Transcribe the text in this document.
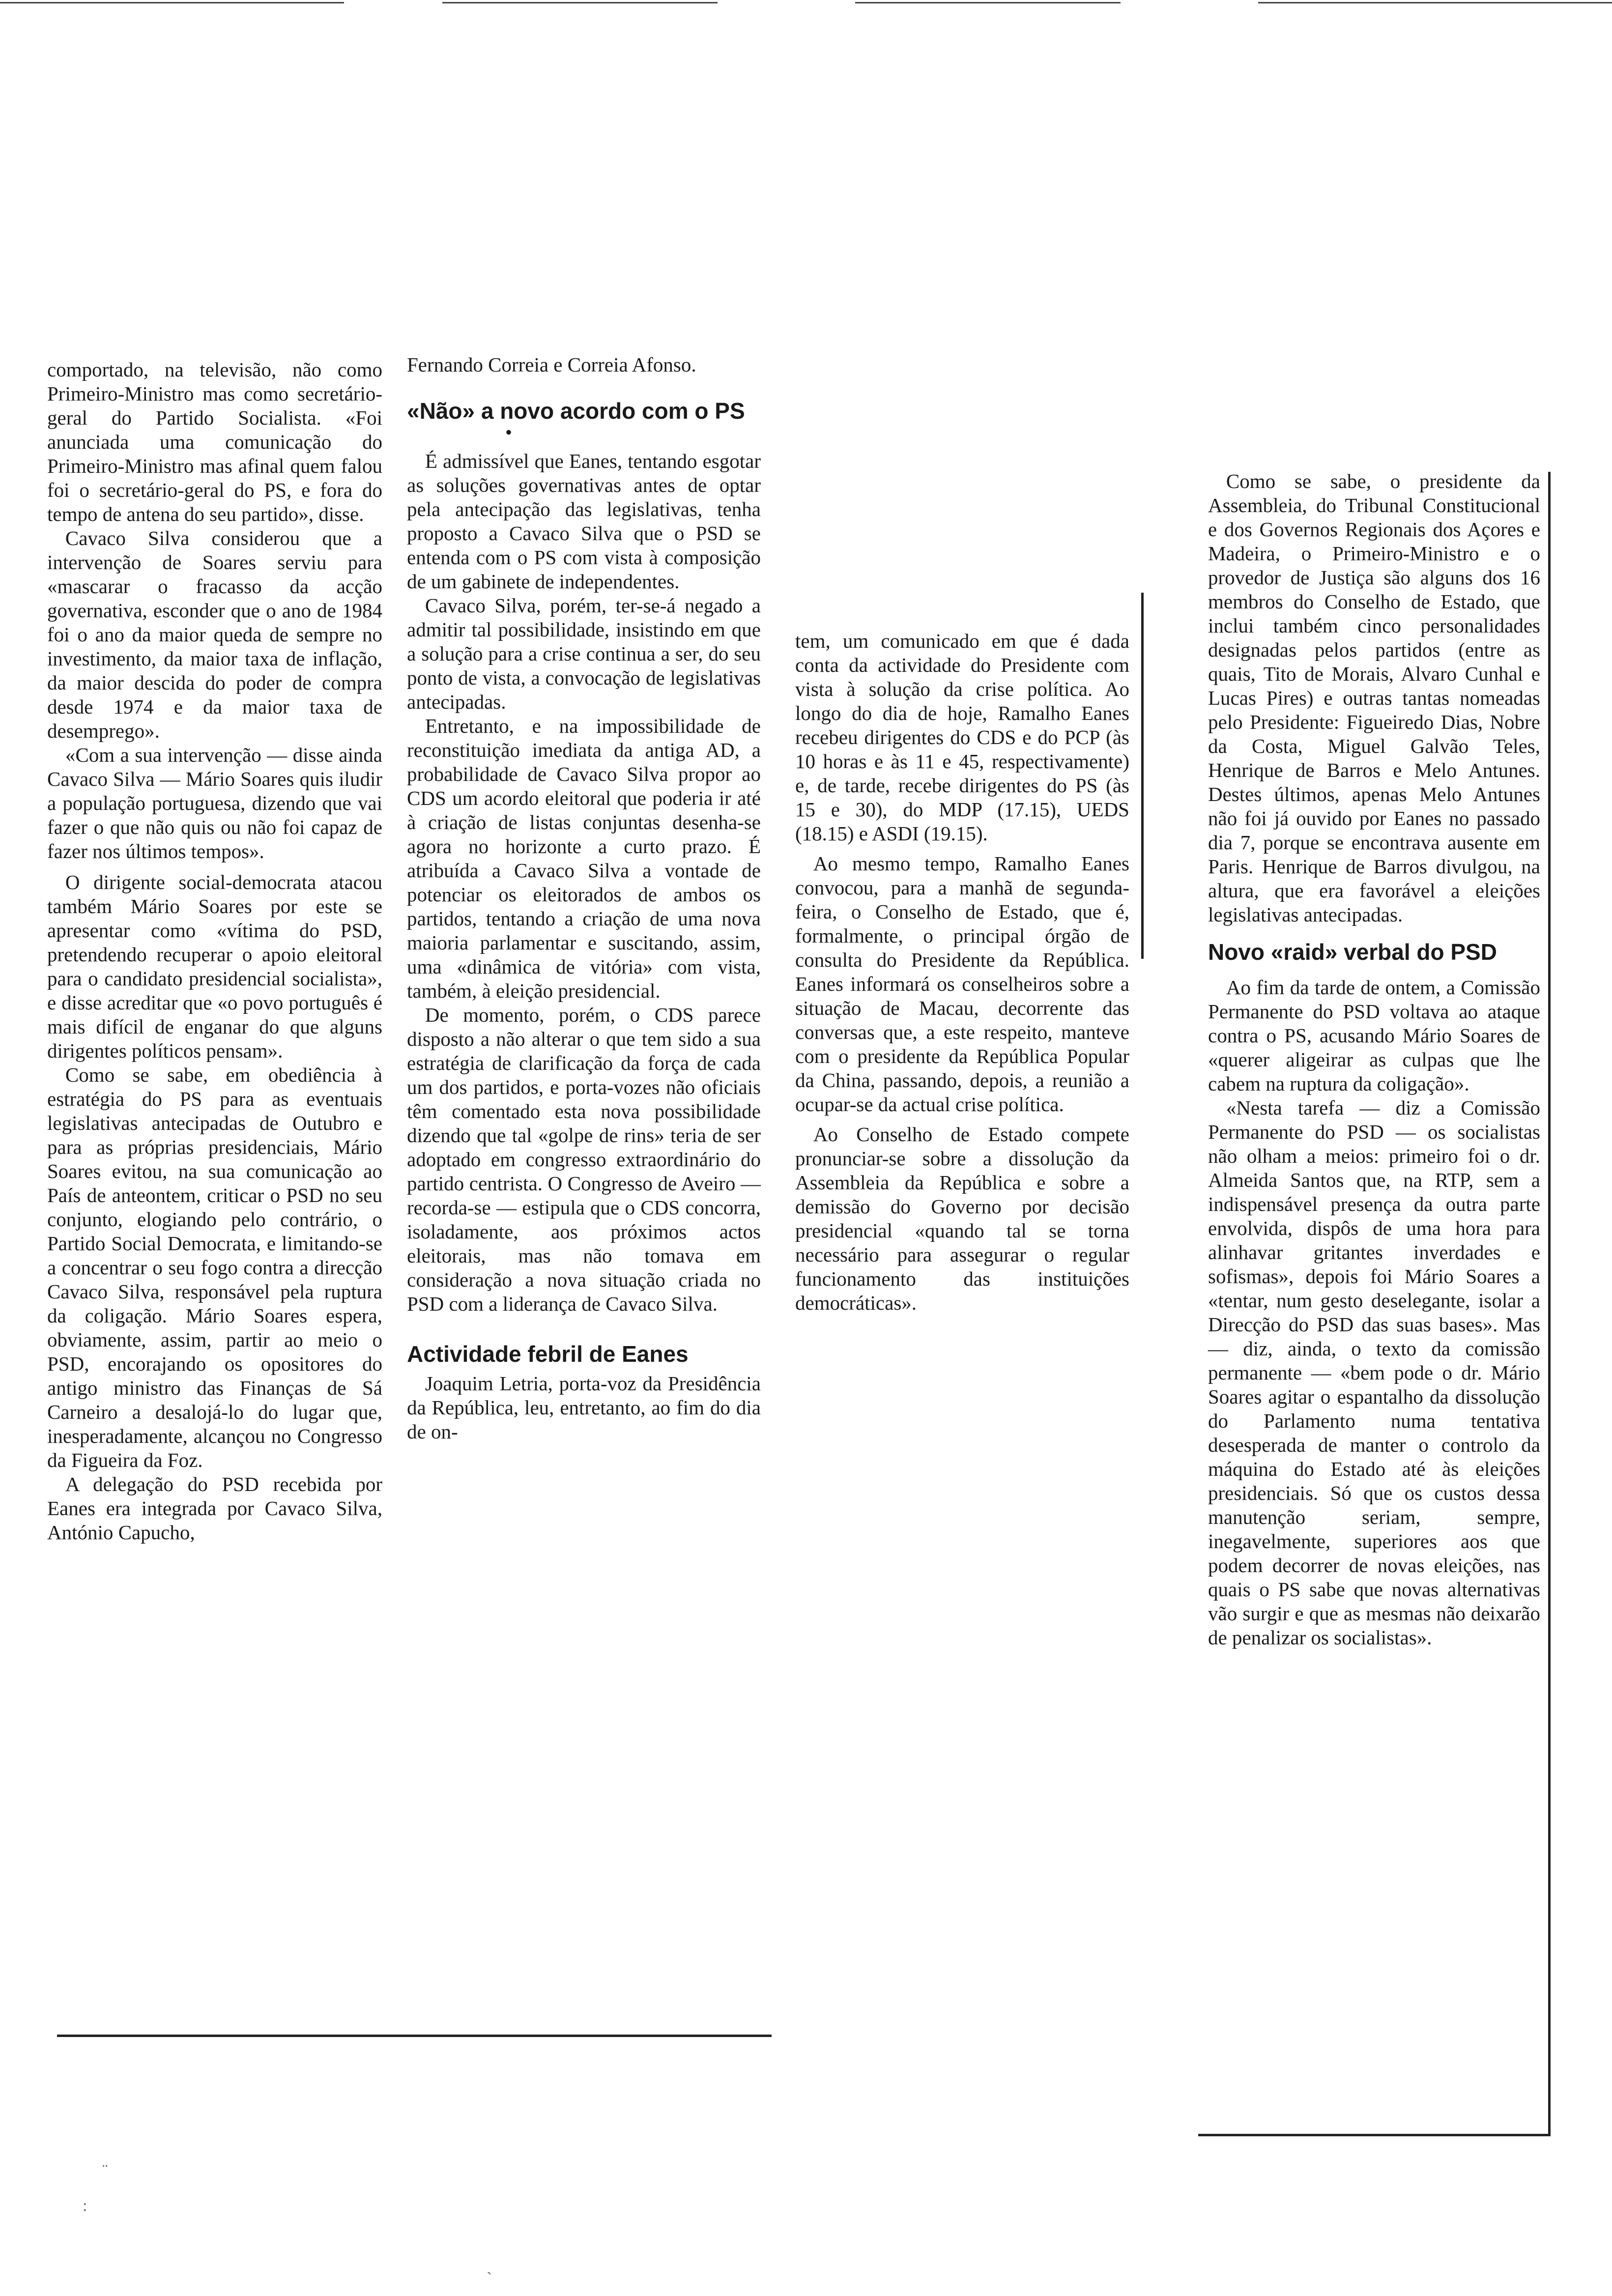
comportado, na televisão, não como Primeiro-Ministro mas como secretário-geral do Partido Socialista. «Foi anunciada uma comunicação do Primeiro-Ministro mas afinal quem falou foi o secretário-geral do PS, e fora do tempo de antena do seu partido», disse.

Cavaco Silva considerou que a intervenção de Soares serviu para «mascarar o fracasso da acção governativa, esconder que o ano de 1984 foi o ano da maior queda de sempre no investimento, da maior taxa de inflação, da maior descida do poder de compra desde 1974 e da maior taxa de desemprego».

«Com a sua intervenção — disse ainda Cavaco Silva — Mário Soares quis iludir a população portuguesa, dizendo que vai fazer o que não quis ou não foi capaz de fazer nos últimos tempos».

O dirigente social-democrata atacou também Mário Soares por este se apresentar como «vítima do PSD, pretendendo recuperar o apoio eleitoral para o candidato presidencial socialista», e disse acreditar que «o povo português é mais difícil de enganar do que alguns dirigentes políticos pensam».

Como se sabe, em obediência à estratégia do PS para as eventuais legislativas antecipadas de Outubro e para as próprias presidenciais, Mário Soares evitou, na sua comunicação ao País de anteontem, criticar o PSD no seu conjunto, elogiando pelo contrário, o Partido Social Democrata, e limitando-se a concentrar o seu fogo contra a direcção Cavaco Silva, responsável pela ruptura da coligação. Mário Soares espera, obviamente, assim, partir ao meio o PSD, encorajando os opositores do antigo ministro das Finanças de Sá Carneiro a desalojá-lo do lugar que, inesperadamente, alcançou no Congresso da Figueira da Foz.

A delegação do PSD recebida por Eanes era integrada por Cavaco Silva, António Capucho,

Fernando Correia e Correia Afonso.

«Não» a novo acordo com o PS
•

É admissível que Eanes, tentando esgotar as soluções governativas antes de optar pela antecipação das legislativas, tenha proposto a Cavaco Silva que o PSD se entenda com o PS com vista à composição de um gabinete de independentes.

Cavaco Silva, porém, ter-se-á negado a admitir tal possibilidade, insistindo em que a solução para a crise continua a ser, do seu ponto de vista, a convocação de legislativas antecipadas.

Entretanto, e na impossibilidade de reconstituição imediata da antiga AD, a probabilidade de Cavaco Silva propor ao CDS um acordo eleitoral que poderia ir até à criação de listas conjuntas desenha-se agora no horizonte a curto prazo. É atribuída a Cavaco Silva a vontade de potenciar os eleitorados de ambos os partidos, tentando a criação de uma nova maioria parlamentar e suscitando, assim, uma «dinâmica de vitória» com vista, também, à eleição presidencial.

De momento, porém, o CDS parece disposto a não alterar o que tem sido a sua estratégia de clarificação da força de cada um dos partidos, e porta-vozes não oficiais têm comentado esta nova possibilidade dizendo que tal «golpe de rins» teria de ser adoptado em congresso extraordinário do partido centrista. O Congresso de Aveiro — recorda-se — estipula que o CDS concorra, isoladamente, aos próximos actos eleitorais, mas não tomava em consideração a nova situação criada no PSD com a liderança de Cavaco Silva.

Actividade febril de Eanes

Joaquim Letria, porta-voz da Presidência da República, leu, entretanto, ao fim do dia de on-

tem, um comunicado em que é dada conta da actividade do Presidente com vista à solução da crise política. Ao longo do dia de hoje, Ramalho Eanes recebeu dirigentes do CDS e do PCP (às 10 horas e às 11 e 45, respectivamente) e, de tarde, recebe dirigentes do PS (às 15 e 30), do MDP (17.15), UEDS (18.15) e ASDI (19.15).

Ao mesmo tempo, Ramalho Eanes convocou, para a manhã de segunda-feira, o Conselho de Estado, que é, formalmente, o principal órgão de consulta do Presidente da República. Eanes informará os conselheiros sobre a situação de Macau, decorrente das conversas que, a este respeito, manteve com o presidente da República Popular da China, passando, depois, a reunião a ocupar-se da actual crise política.

Ao Conselho de Estado compete pronunciar-se sobre a dissolução da Assembleia da República e sobre a demissão do Governo por decisão presidencial «quando tal se torna necessário para assegurar o regular funcionamento das instituições democráticas».

Como se sabe, o presidente da Assembleia, do Tribunal Constitucional e dos Governos Regionais dos Açores e Madeira, o Primeiro-Ministro e o provedor de Justiça são alguns dos 16 membros do Conselho de Estado, que inclui também cinco personalidades designadas pelos partidos (entre as quais, Tito de Morais, Alvaro Cunhal e Lucas Pires) e outras tantas nomeadas pelo Presidente: Figueiredo Dias, Nobre da Costa, Miguel Galvão Teles, Henrique de Barros e Melo Antunes. Destes últimos, apenas Melo Antunes não foi já ouvido por Eanes no passado dia 7, porque se encontrava ausente em Paris. Henrique de Barros divulgou, na altura, que era favorável a eleições legislativas antecipadas.

Novo «raid» verbal do PSD

Ao fim da tarde de ontem, a Comissão Permanente do PSD voltava ao ataque contra o PS, acusando Mário Soares de «querer aligeirar as culpas que lhe cabem na ruptura da coligação».

«Nesta tarefa — diz a Comissão Permanente do PSD — os socialistas não olham a meios: primeiro foi o dr. Almeida Santos que, na RTP, sem a indispensável presença da outra parte envolvida, dispôs de uma hora para alinhavar gritantes inverdades e sofismas», depois foi Mário Soares a «tentar, num gesto deselegante, isolar a Direcção do PSD das suas bases». Mas — diz, ainda, o texto da comissão permanente — «bem pode o dr. Mário Soares agitar o espantalho da dissolução do Parlamento numa tentativa desesperada de manter o controlo da máquina do Estado até às eleições presidenciais. Só que os custos dessa manutenção seriam, sempre, inegavelmente, superiores aos que podem decorrer de novas eleições, nas quais o PS sabe que novas alternativas vão surgir e que as mesmas não deixarão de penalizar os socialistas».

¨
:
`
